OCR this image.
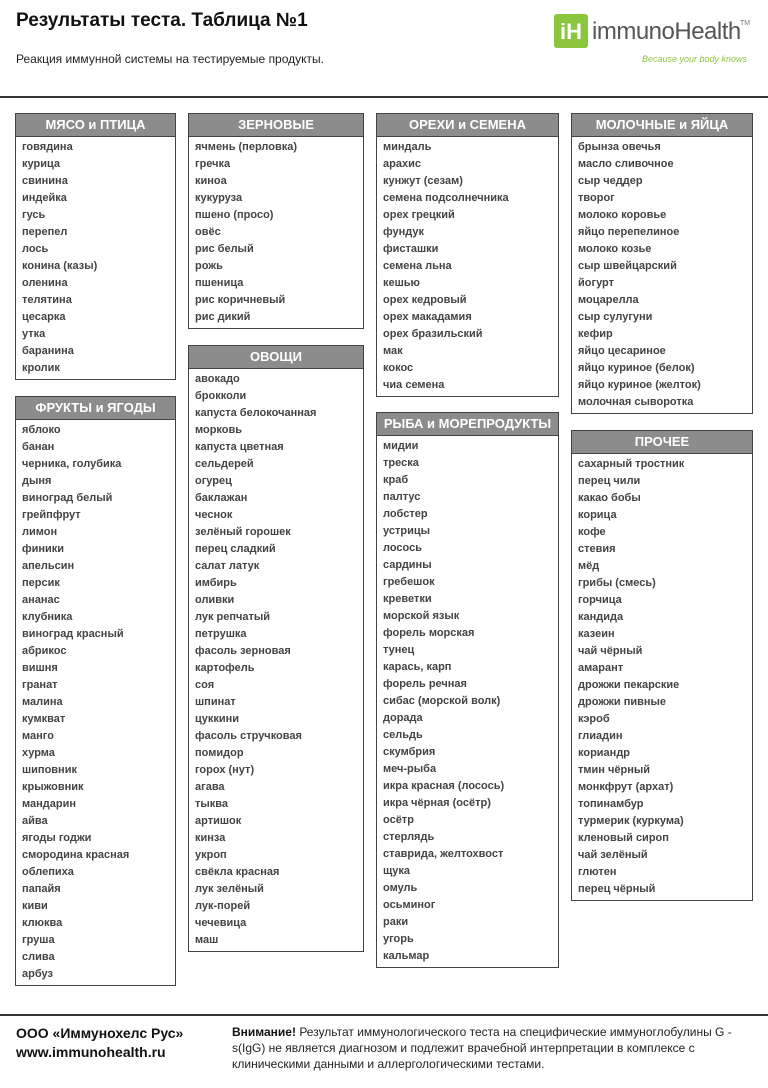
Результаты теста. Таблица №1
Реакция иммунной системы на тестируемые продукты.
iH immunoHealth TM
Because your body knows
МЯСО и ПТИЦА
говядина
курица
свинина
индейка
гусь
перепел
лось
конина (казы)
оленина
телятина
цесарка
утка
баранина
кролик
ФРУКТЫ и ЯГОДЫ
яблоко
банан
черника, голубика
дыня
виноград белый
грейпфрут
лимон
финики
апельсин
персик
ананас
клубника
виноград красный
абрикос
вишня
гранат
малина
кумкват
манго
хурма
шиповник
крыжовник
мандарин
айва
ягоды годжи
смородина красная
облепиха
папайя
киви
клюква
груша
слива
арбуз
ЗЕРНОВЫЕ
ячмень (перловка)
гречка
киноа
кукуруза
пшено (просо)
овёс
рис белый
рожь
пшеница
рис коричневый
рис дикий
ОВОЩИ
авокадо
брокколи
капуста белокочанная
морковь
капуста цветная
сельдерей
огурец
баклажан
чеснок
зелёный горошек
перец сладкий
салат латук
имбирь
оливки
лук репчатый
петрушка
фасоль зерновая
картофель
соя
шпинат
цуккини
фасоль стручковая
помидор
горох (нут)
агава
тыква
артишок
кинза
укроп
свёкла красная
лук зелёный
лук-порей
чечевица
маш
ОРЕХИ и СЕМЕНА
миндаль
арахис
кунжут (сезам)
семена подсолнечника
орех грецкий
фундук
фисташки
семена льна
кешью
орех кедровый
орех макадамия
орех бразильский
мак
кокос
чиа семена
РЫБА и МОРЕПРОДУКТЫ
мидии
треска
краб
палтус
лобстер
устрицы
лосось
сардины
гребешок
креветки
морской язык
форель морская
тунец
карась, карп
форель речная
сибас (морской волк)
дорада
сельдь
скумбрия
меч-рыба
икра красная (лосось)
икра чёрная (осётр)
осётр
стерлядь
ставрида, желтохвост
щука
омуль
осьминог
раки
угорь
кальмар
МОЛОЧНЫЕ и ЯЙЦА
брынза овечья
масло сливочное
сыр чеддер
творог
молоко коровье
яйцо перепелиное
молоко козье
сыр швейцарский
йогурт
моцарелла
сыр сулугуни
кефир
яйцо цесариное
яйцо куриное (белок)
яйцо куриное (желток)
молочная сыворотка
ПРОЧЕЕ
сахарный тростник
перец чили
какао бобы
корица
кофе
стевия
мёд
грибы (смесь)
горчица
кандида
казеин
чай чёрный
амарант
дрожжи пекарские
дрожжи пивные
кэроб
глиадин
кориандр
тмин чёрный
монкфрут (архат)
топинамбур
турмерик (куркума)
кленовый сироп
чай зелёный
глютен
перец чёрный
ООО «Иммунохелс Рус»
www.immunohealth.ru
Внимание! Результат иммунологического теста на специфические иммуноглобулины G - s(IgG) не является диагнозом и подлежит врачебной интерпретации в комплексе с клиническими данными и аллергологическими тестами.
